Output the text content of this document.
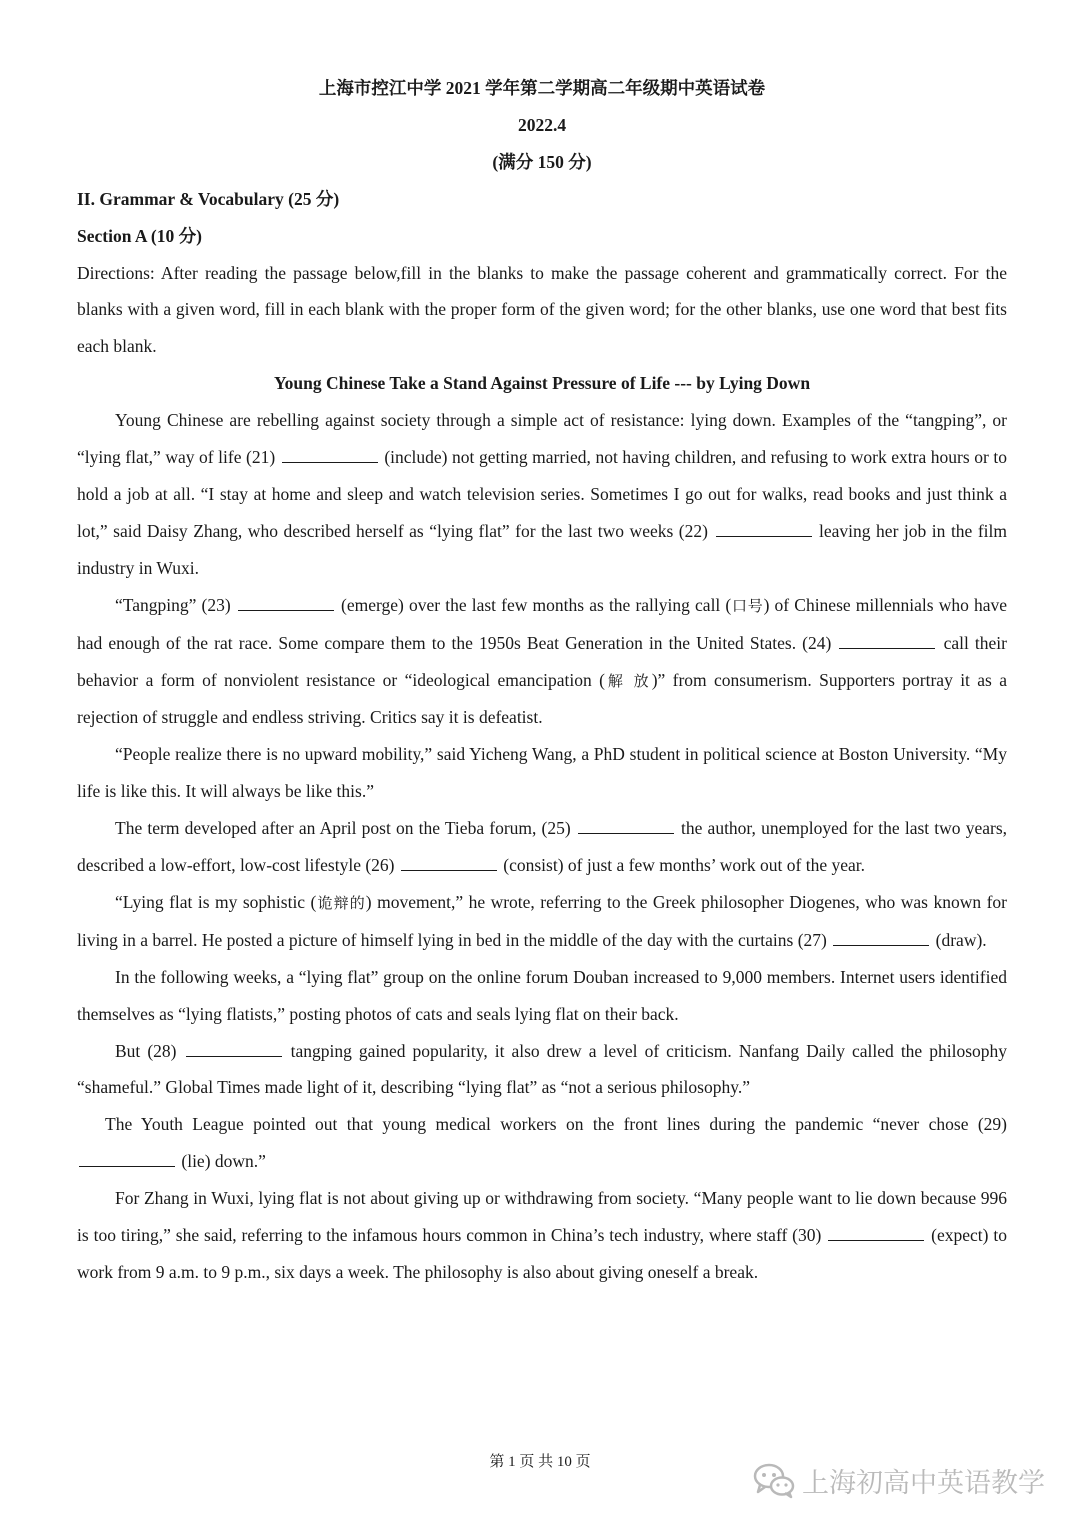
上海市控江中学 2021 学年第二学期高二年级期中英语试卷
2022.4
(满分 150 分)
II. Grammar & Vocabulary (25 分)
Section A (10 分)

Directions: After reading the passage below,fill in the blanks to make the passage coherent and grammatically correct. For the blanks with a given word, fill in each blank with the proper form of the given word; for the other blanks, use one word that best fits each blank.

Young Chinese Take a Stand Against Pressure of Life --- by Lying Down

Young Chinese are rebelling against society through a simple act of resistance: lying down. Examples of the “tangping”, or “lying flat,” way of life (21)	(include) not getting married, not having children, and refusing to work extra hours or to hold a job at all. “I stay at home and sleep and watch television series. Sometimes I go out for walks, read books and just think a lot,” said Daisy Zhang, who described herself as “lying flat” for the last two weeks (22)	leaving her job in the film industry in Wuxi.

“Tangping” (23)	(emerge) over the last few months as the rallying call (口号) of Chinese millennials who have had enough of the rat race. Some compare them to the 1950s Beat Generation in the United States. (24)	call their behavior a form of nonviolent resistance or “ideological emancipation (解 放)” from consumerism. Supporters portray it as a rejection of struggle and endless striving. Critics say it is defeatist.

“People realize there is no upward mobility,” said Yicheng Wang, a PhD student in political science at Boston University. “My life is like this. It will always be like this.”

The term developed after an April post on the Tieba forum, (25)	the author, unemployed for the last two years, described a low-effort, low-cost lifestyle (26)	(consist) of just a few months’ work out of the year.

“Lying flat is my sophistic (诡辩的) movement,” he wrote, referring to the Greek philosopher Diogenes, who was known for living in a barrel. He posted a picture of himself lying in bed in the middle of the day with the curtains (27)	(draw).

In the following weeks, a “lying flat” group on the online forum Douban increased to 9,000 members. Internet users identified themselves as “lying flatists,” posting photos of cats and seals lying flat on their back.

But (28)	tangping gained popularity, it also drew a level of criticism. Nanfang Daily called the philosophy “shameful.” Global Times made light of it, describing “lying flat” as “not a serious philosophy.”

The Youth League pointed out that young medical workers on the front lines during the pandemic “never chose (29)  (lie) down.”

For Zhang in Wuxi, lying flat is not about giving up or withdrawing from society. “Many people want to lie down because 996 is too tiring,” she said, referring to the infamous hours common in China’s tech industry, where staff (30)	(expect) to work from 9 a.m. to 9 p.m., six days a week. The philosophy is also about giving oneself a break.

第 1 页 共 10 页
上海初高中英语教学
